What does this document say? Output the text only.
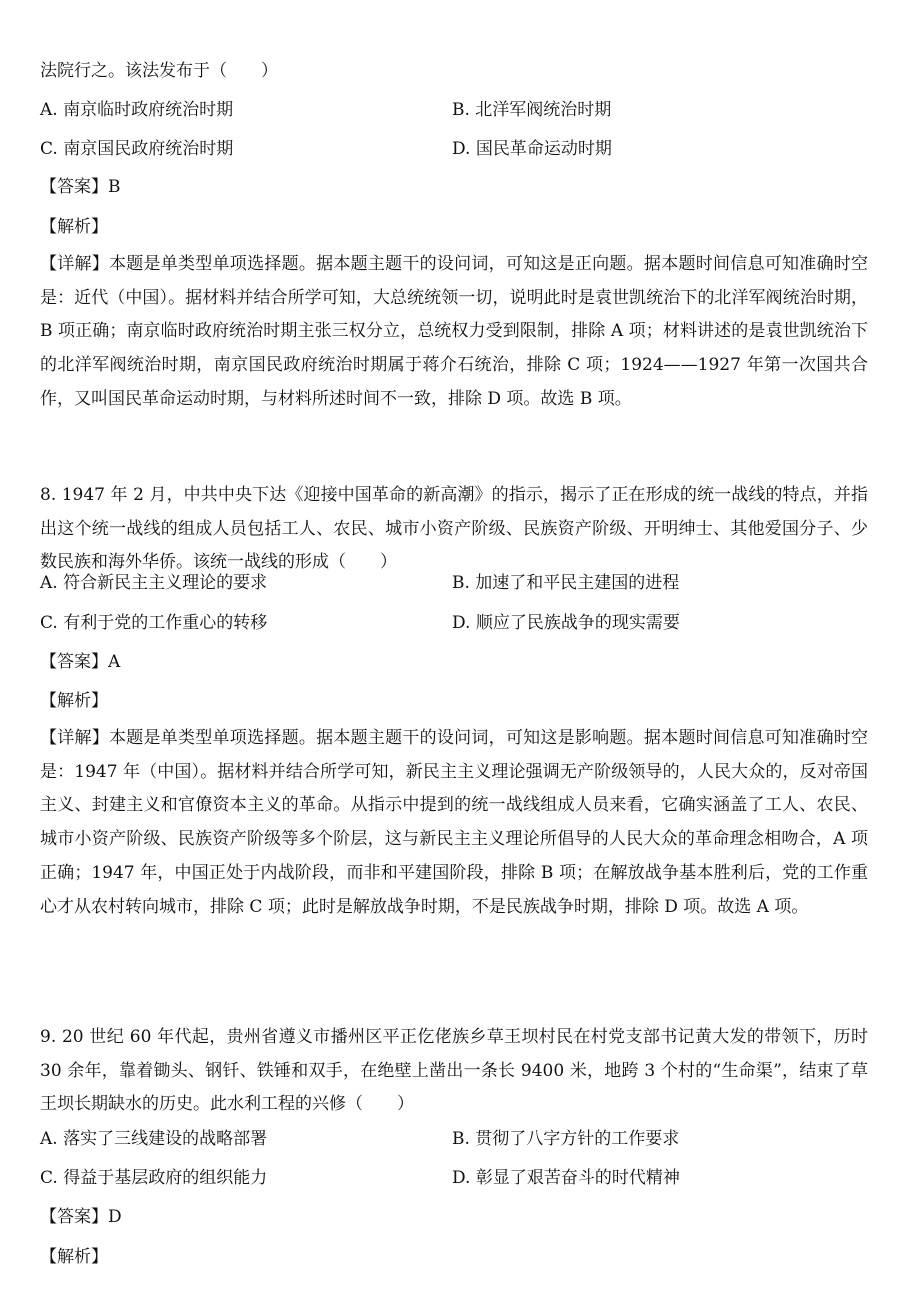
法院行之。该法发布于（　　）
A. 南京临时政府统治时期	B. 北洋军阀统治时期
C. 南京国民政府统治时期	D. 国民革命运动时期
【答案】B
【解析】
【详解】本题是单类型单项选择题。据本题主题干的设问词，可知这是正向题。据本题时间信息可知准确时空是：近代（中国）。据材料并结合所学可知，大总统统领一切，说明此时是袁世凯统治下的北洋军阀统治时期，B 项正确；南京临时政府统治时期主张三权分立，总统权力受到限制，排除 A 项；材料讲述的是袁世凯统治下的北洋军阀统治时期，南京国民政府统治时期属于蒋介石统治，排除 C 项；1924——1927 年第一次国共合作，又叫国民革命运动时期，与材料所述时间不一致，排除 D 项。故选 B 项。
8. 1947 年 2 月，中共中央下达《迎接中国革命的新高潮》的指示，揭示了正在形成的统一战线的特点，并指出这个统一战线的组成人员包括工人、农民、城市小资产阶级、民族资产阶级、开明绅士、其他爱国分子、少数民族和海外华侨。该统一战线的形成（　　）
A. 符合新民主主义理论的要求	B. 加速了和平民主建国的进程
C. 有利于党的工作重心的转移	D. 顺应了民族战争的现实需要
【答案】A
【解析】
【详解】本题是单类型单项选择题。据本题主题干的设问词，可知这是影响题。据本题时间信息可知准确时空是：1947 年（中国）。据材料并结合所学可知，新民主主义理论强调无产阶级领导的，人民大众的，反对帝国主义、封建主义和官僚资本主义的革命。从指示中提到的统一战线组成人员来看，它确实涵盖了工人、农民、城市小资产阶级、民族资产阶级等多个阶层，这与新民主主义理论所倡导的人民大众的革命理念相吻合，A 项正确；1947 年，中国正处于内战阶段，而非和平建国阶段，排除 B 项；在解放战争基本胜利后，党的工作重心才从农村转向城市，排除 C 项；此时是解放战争时期，不是民族战争时期，排除 D 项。故选 A 项。
9. 20 世纪 60 年代起，贵州省遵义市播州区平正仡佬族乡草王坝村民在村党支部书记黄大发的带领下，历时 30 余年，靠着锄头、钢钎、铁锤和双手，在绝壁上凿出一条长 9400 米，地跨 3 个村的“生命渠”，结束了草王坝长期缺水的历史。此水利工程的兴修（　　）
A. 落实了三线建设的战略部署	B. 贯彻了八字方针的工作要求
C. 得益于基层政府的组织能力	D. 彰显了艰苦奋斗的时代精神
【答案】D
【解析】
